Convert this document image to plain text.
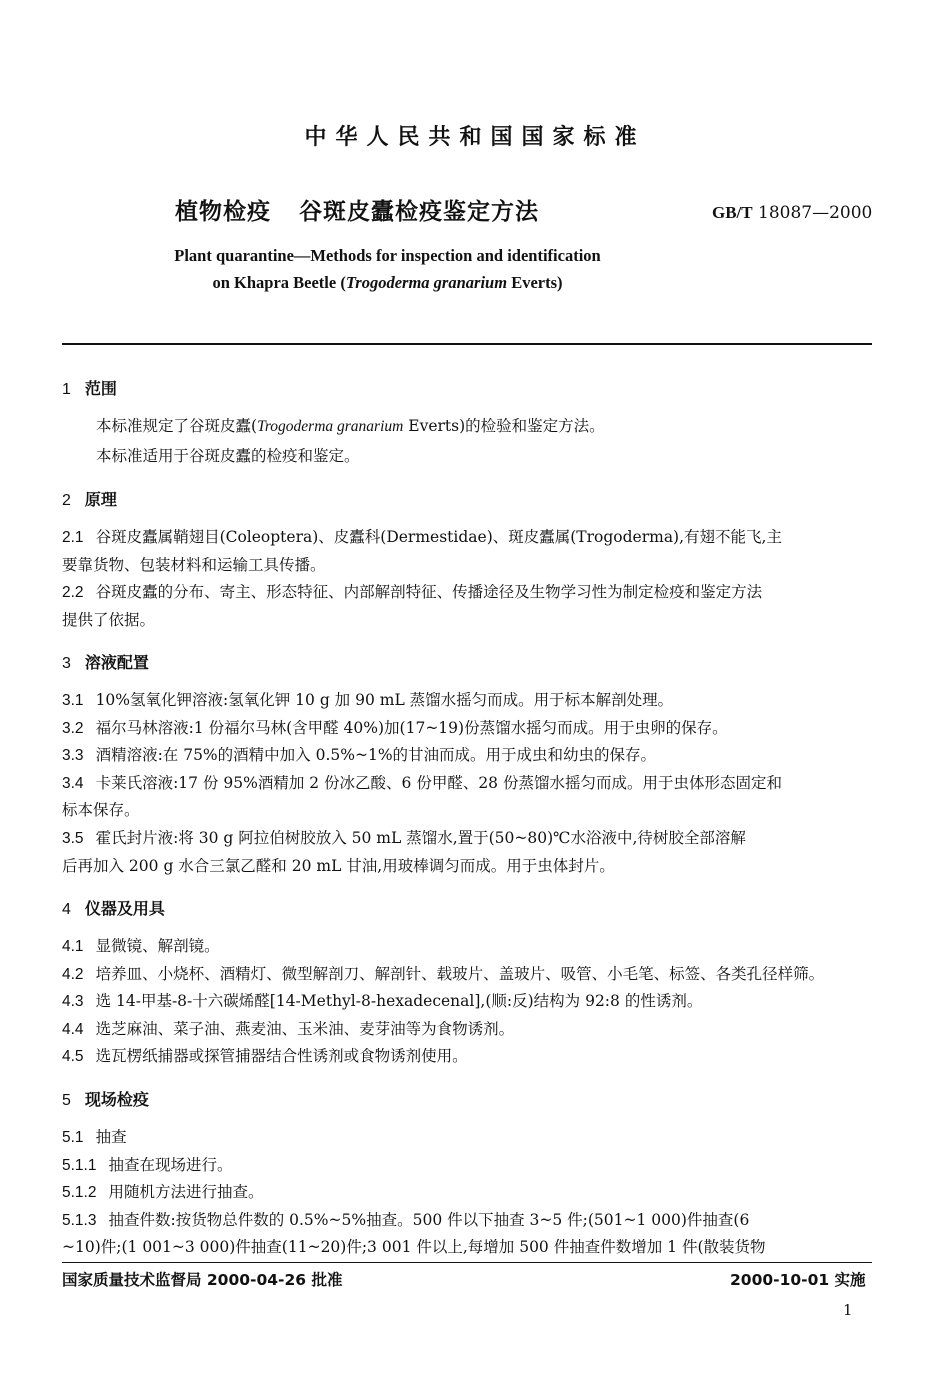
中华人民共和国国家标准
植物检疫 谷斑皮蠹检疫鉴定方法	GB/T 18087—2000
Plant quarantine—Methods for inspection and identification
on Khapra Beetle (Trogoderma granarium Everts)
1 范围
本标准规定了谷斑皮蠹(Trogoderma granarium Everts)的检验和鉴定方法。
本标准适用于谷斑皮蠹的检疫和鉴定。
2 原理
2.1 谷斑皮蠹属鞘翅目(Coleoptera)、皮蠹科(Dermestidae)、斑皮蠹属(Trogoderma),有翅不能飞,主
要靠货物、包装材料和运输工具传播。
2.2 谷斑皮蠹的分布、寄主、形态特征、内部解剖特征、传播途径及生物学习性为制定检疫和鉴定方法
提供了依据。
3 溶液配置
3.1 10%氢氧化钾溶液:氢氧化钾 10 g 加 90 mL 蒸馏水摇匀而成。用于标本解剖处理。
3.2 福尔马林溶液:1 份福尔马林(含甲醛 40%)加(17~19)份蒸馏水摇匀而成。用于虫卵的保存。
3.3 酒精溶液:在 75%的酒精中加入 0.5%~1%的甘油而成。用于成虫和幼虫的保存。
3.4 卡莱氏溶液:17 份 95%酒精加 2 份冰乙酸、6 份甲醛、28 份蒸馏水摇匀而成。用于虫体形态固定和
标本保存。
3.5 霍氏封片液:将 30 g 阿拉伯树胶放入 50 mL 蒸馏水,置于(50~80)℃水浴液中,待树胶全部溶解
后再加入 200 g 水合三氯乙醛和 20 mL 甘油,用玻棒调匀而成。用于虫体封片。
4 仪器及用具
4.1 显微镜、解剖镜。
4.2 培养皿、小烧杯、酒精灯、微型解剖刀、解剖针、载玻片、盖玻片、吸管、小毛笔、标签、各类孔径样筛。
4.3 选 14-甲基-8-十六碳烯醛[14-Methyl-8-hexadecenal],(顺:反)结构为 92:8 的性诱剂。
4.4 选芝麻油、菜子油、燕麦油、玉米油、麦芽油等为食物诱剂。
4.5 选瓦楞纸捕器或探管捕器结合性诱剂或食物诱剂使用。
5 现场检疫
5.1 抽查
5.1.1 抽查在现场进行。
5.1.2 用随机方法进行抽查。
5.1.3 抽查件数:按货物总件数的 0.5%~5%抽查。500 件以下抽查 3~5 件;(501~1 000)件抽查(6
~10)件;(1 001~3 000)件抽查(11~20)件;3 001 件以上,每增加 500 件抽查件数增加 1 件(散装货物
国家质量技术监督局 2000-04-26 批准	2000-10-01 实施
1
